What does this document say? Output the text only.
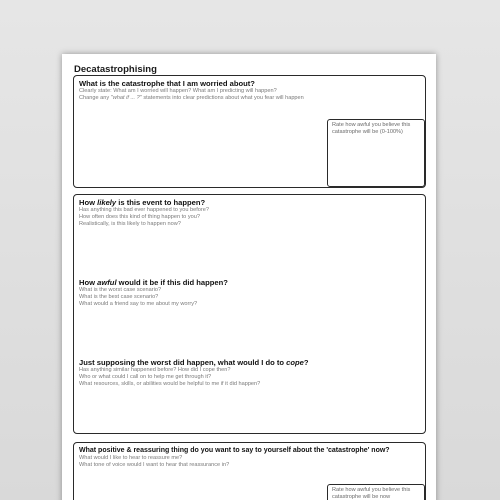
Decatastrophising
What is the catastrophe that I am worried about?
Clearly state: What am I worried will happen? What am I predicting will happen?
Change any "what if ... ?" statements into clear predictions about what you fear will happen
Rate how awful you believe this catastrophe will be (0-100%)
How likely is this event to happen?
Has anything this bad ever happened to you before?
How often does this kind of thing happen to you?
Realistically, is this likely to happen now?
How awful would it be if this did happen?
What is the worst case scenario?
What is the best case scenario?
What would a friend say to me about my worry?
Just supposing the worst did happen, what would I do to cope?
Has anything similar happened before? How did I cope then?
Who or what could I call on to help me get through it?
What resources, skills, or abilities would be helpful to me if it did happen?
What positive & reassuring thing do you want to say to yourself about the 'catastrophe' now?
What would I like to hear to reassure me?
What tone of voice would I want to hear that reassurance in?
Rate how awful you believe this catastrophe will be now
